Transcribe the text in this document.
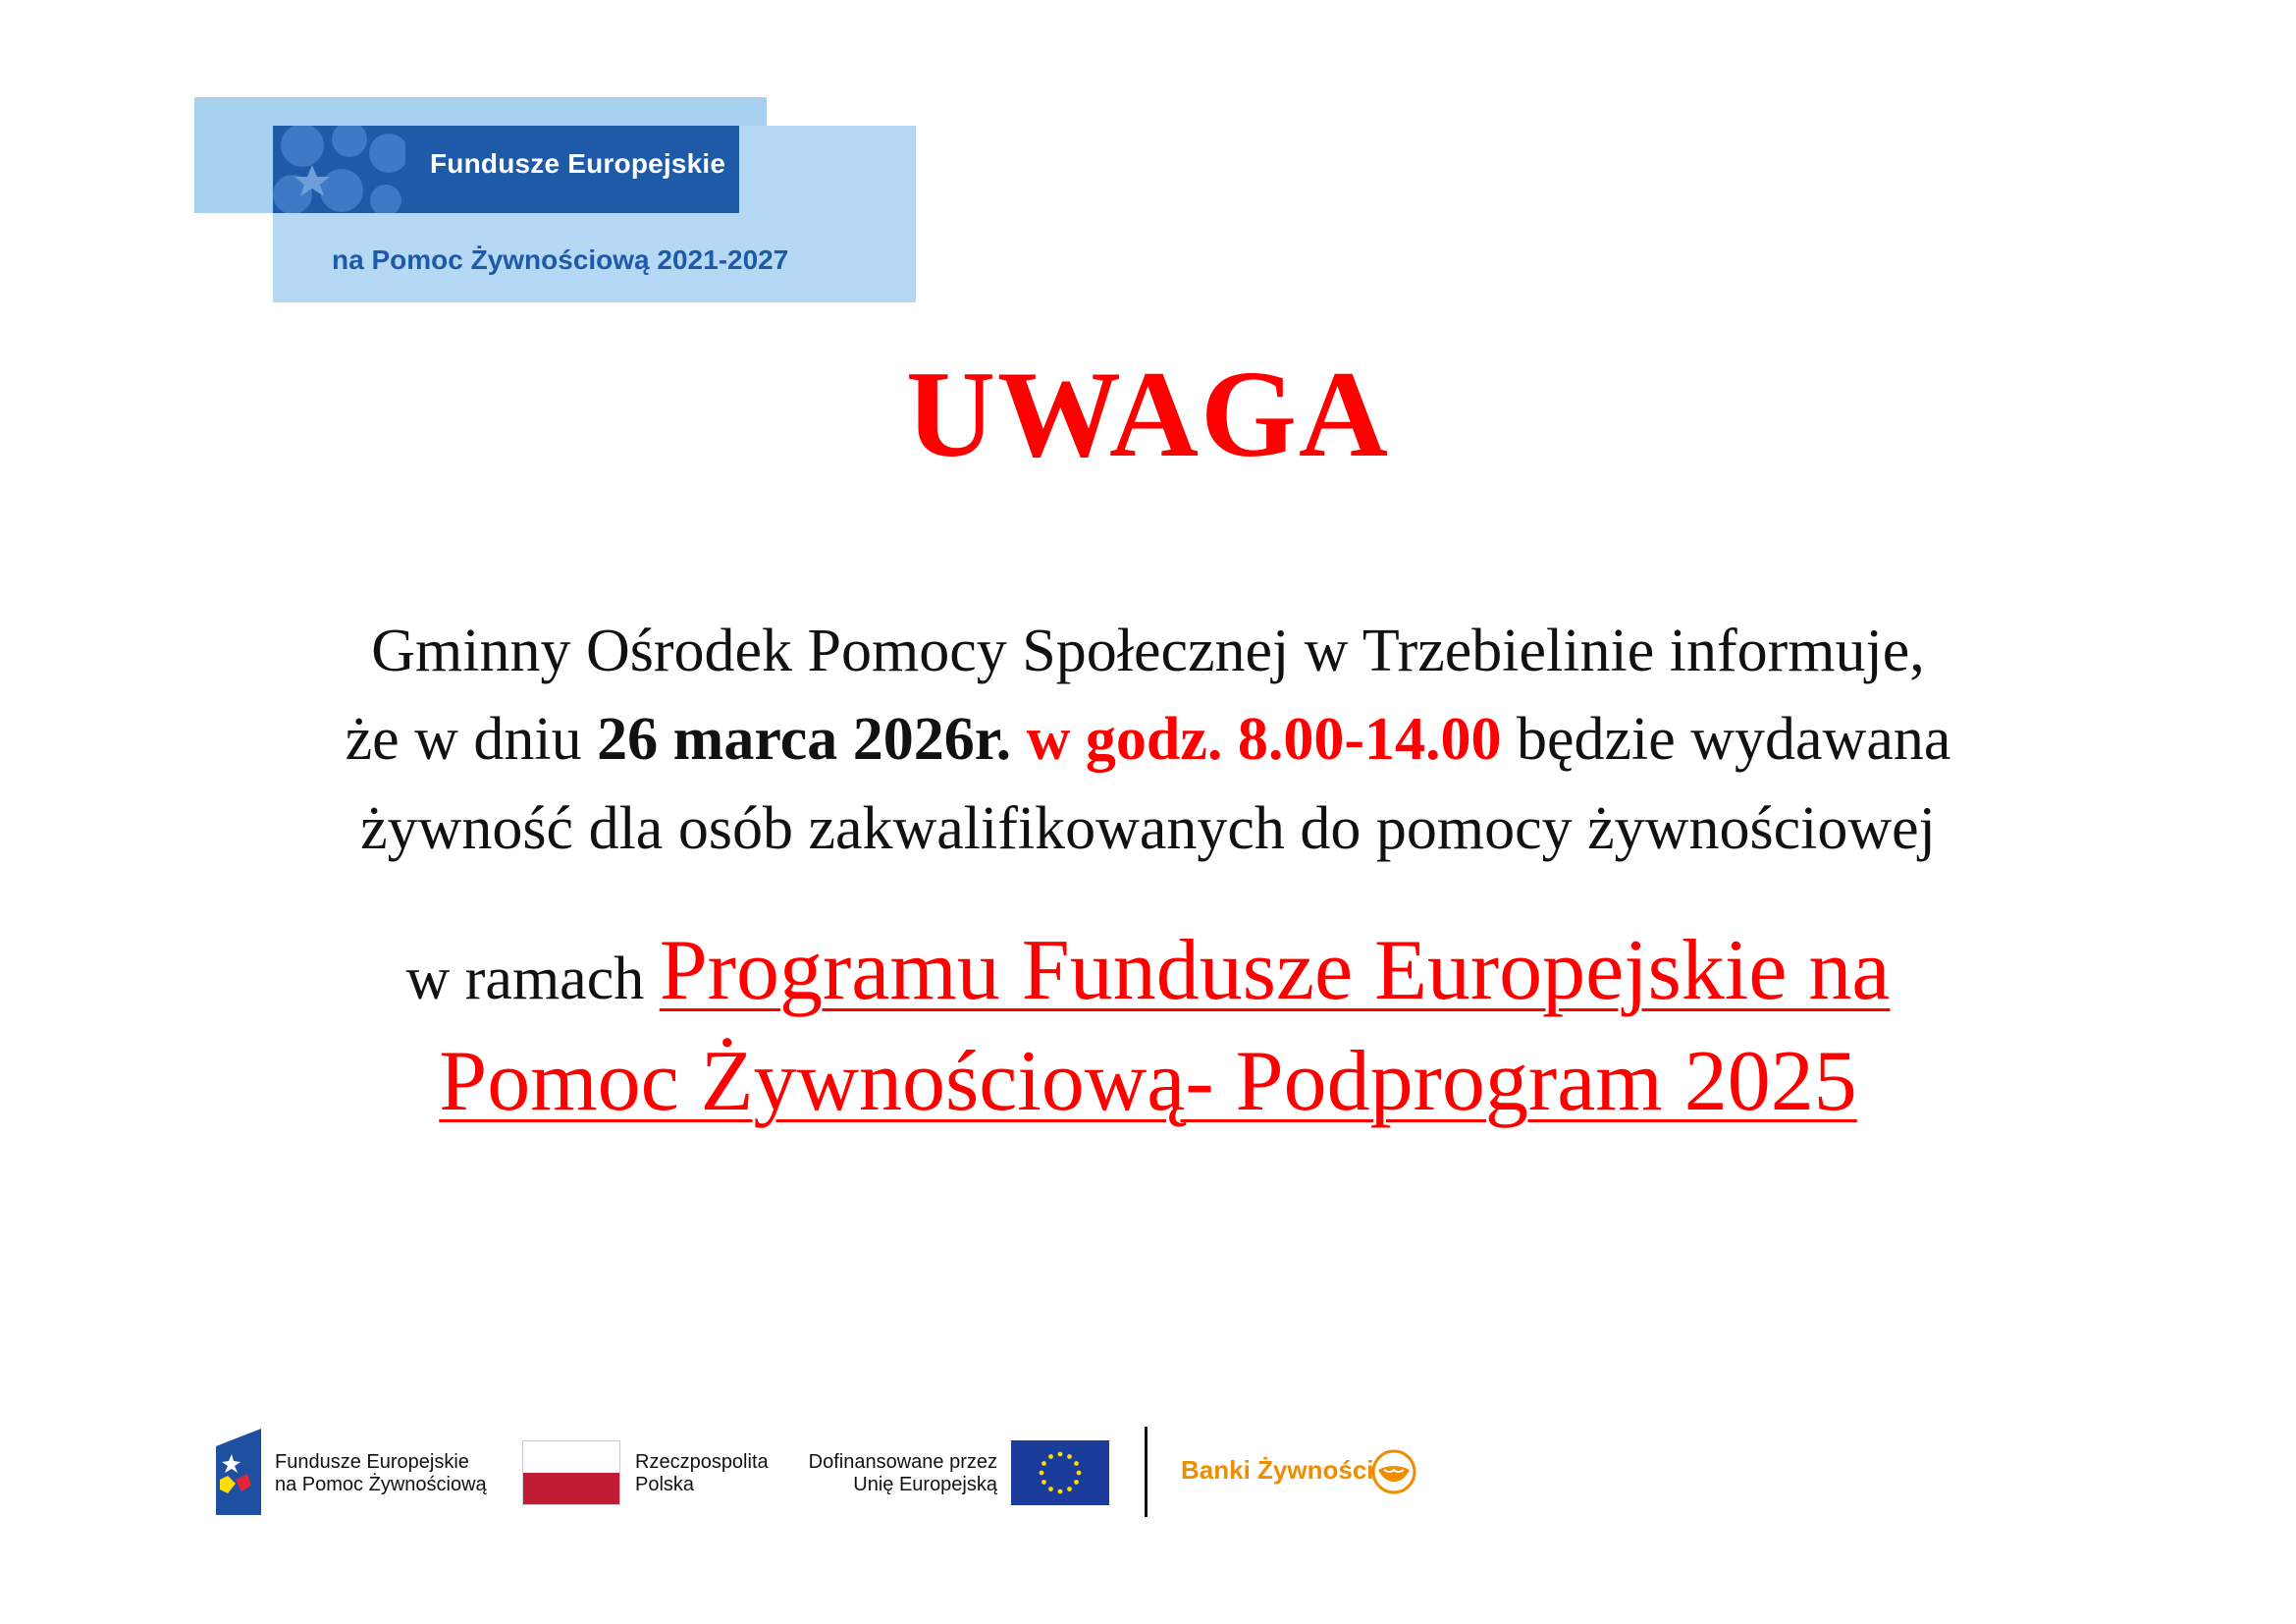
Fundusze Europejskie
na Pomoc Żywnościową 2021-2027
UWAGA
Gminny Ośrodek Pomocy Społecznej w Trzebielinie informuje,
że w dniu 26 marca 2026r. w godz. 8.00-14.00 będzie wydawana
żywność dla osób zakwalifikowanych do pomocy żywnościowej
w ramach Programu Fundusze Europejskie na
Pomoc Żywnościową- Podprogram 2025
Fundusze Europejskie
na Pomoc Żywnościową
Rzeczpospolita
Polska
Dofinansowane przez
Unię Europejską	Banki Żywności
